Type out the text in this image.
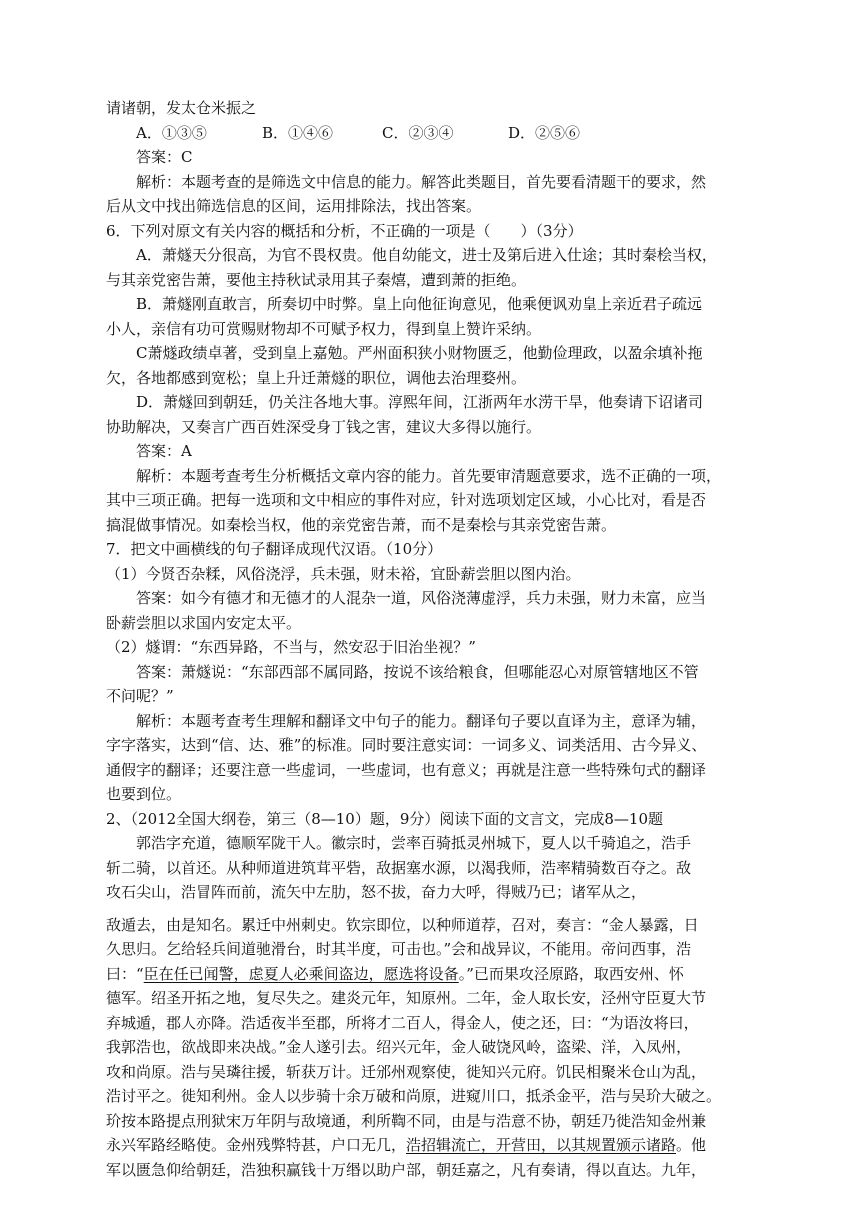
请诸朝，发太仓米振之
A．①③⑤	B．①④⑥	C．②③④	D．②⑤⑥
答案：C
解析：本题考查的是筛选文中信息的能力。解答此类题目，首先要看清题干的要求，然
后从文中找出筛选信息的区间，运用排除法，找出答案。
6．下列对原文有关内容的概括和分析，不正确的一项是（　　）（3分）
A．萧燧天分很高，为官不畏权贵。他自幼能文，进士及第后进入仕途；其时秦桧当权，
与其亲党密告萧，要他主持秋试录用其子秦熺，遭到萧的拒绝。
B．萧燧刚直敢言，所奏切中时弊。皇上向他征询意见，他乘便讽劝皇上亲近君子疏远
小人，亲信有功可赏赐财物却不可赋予权力，得到皇上赞许采纳。
C萧燧政绩卓著，受到皇上嘉勉。严州面积狭小财物匮乏，他勤俭理政，以盈余填补拖
欠，各地都感到宽松；皇上升迁萧燧的职位，调他去治理婺州。
D．萧燧回到朝廷，仍关注各地大事。淳熙年间，江浙两年水涝干旱，他奏请下诏诸司
协助解决，又奏言广西百姓深受身丁钱之害，建议大多得以施行。
答案：A
解析：本题考查考生分析概括文章内容的能力。首先要审清题意要求，选不正确的一项，
其中三项正确。把每一选项和文中相应的事件对应，针对选项划定区域，小心比对，看是否
搞混做事情况。如秦桧当权，他的亲党密告萧，而不是秦桧与其亲党密告萧。
7．把文中画横线的句子翻译成现代汉语。（10分）
（1）今贤否杂糅，风俗浇浮，兵未强，财未裕，宜卧薪尝胆以图内治。
答案：如今有德才和无德才的人混杂一道，风俗浇薄虚浮，兵力未强，财力未富，应当
卧薪尝胆以求国内安定太平。
（2）燧谓：“东西异路，不当与，然安忍于旧治坐视？”
答案：萧燧说：“东部西部不属同路，按说不该给粮食，但哪能忍心对原管辖地区不管
不问呢？”
解析：本题考查考生理解和翻译文中句子的能力。翻译句子要以直译为主，意译为辅，
字字落实，达到“信、达、雅”的标准。同时要注意实词：一词多义、词类活用、古今异义、
通假字的翻译；还要注意一些虚词，一些虚词，也有意义；再就是注意一些特殊句式的翻译
也要到位。
2、（2012全国大纲卷，第三（8—10）题，9分）阅读下面的文言文，完成8—10题
郭浩字充道，德顺军陇干人。徽宗时，尝率百骑抵灵州城下，夏人以千骑追之，浩手
斩二骑，以首还。从种师道进筑茸平砦，敌据塞水源，以渴我师，浩率精骑数百夺之。敌
攻石尖山，浩冒阵而前，流矢中左肋，怒不拔，奋力大呼，得贼乃已；诸军从之，
敌遁去，由是知名。累迁中州刺史。钦宗即位，以种师道荐，召对，奏言：“金人暴露，日
久思归。乞给轻兵间道驰滑台，时其半度，可击也。”会和战异议，不能用。帝问西事，浩
曰：“臣在任已闻警，虑夏人必乘间盗边，愿选将设备。”已而果攻泾原路，取西安州、怀
德军。绍圣开拓之地，复尽失之。建炎元年，知原州。二年，金人取长安，泾州守臣夏大节
弃城遁，郡人亦降。浩适夜半至郡，所将才二百人，得金人，使之还，曰：“为语汝将曰，
我郭浩也，欲战即来决战。”金人遂引去。绍兴元年，金人破饶风岭，盗梁、洋，入凤州，
攻和尚原。浩与吴璘往援，斩获万计。迁邠州观察使，徙知兴元府。饥民相聚米仓山为乱，
浩讨平之。徙知利州。金人以步骑十余万破和尚原，进窥川口，抵杀金平，浩与吴玠大破之。
玠按本路提点刑狱宋万年阴与敌境通，利所鞫不同，由是与浩意不协，朝廷乃徙浩知金州兼
永兴军路经略使。金州残弊特甚，户口无几，浩招辑流亡，开营田，以其规置颁示诸路。他
军以匮急仰给朝廷，浩独积赢钱十万缗以助户部，朝廷嘉之，凡有奏请，得以直达。九年，
